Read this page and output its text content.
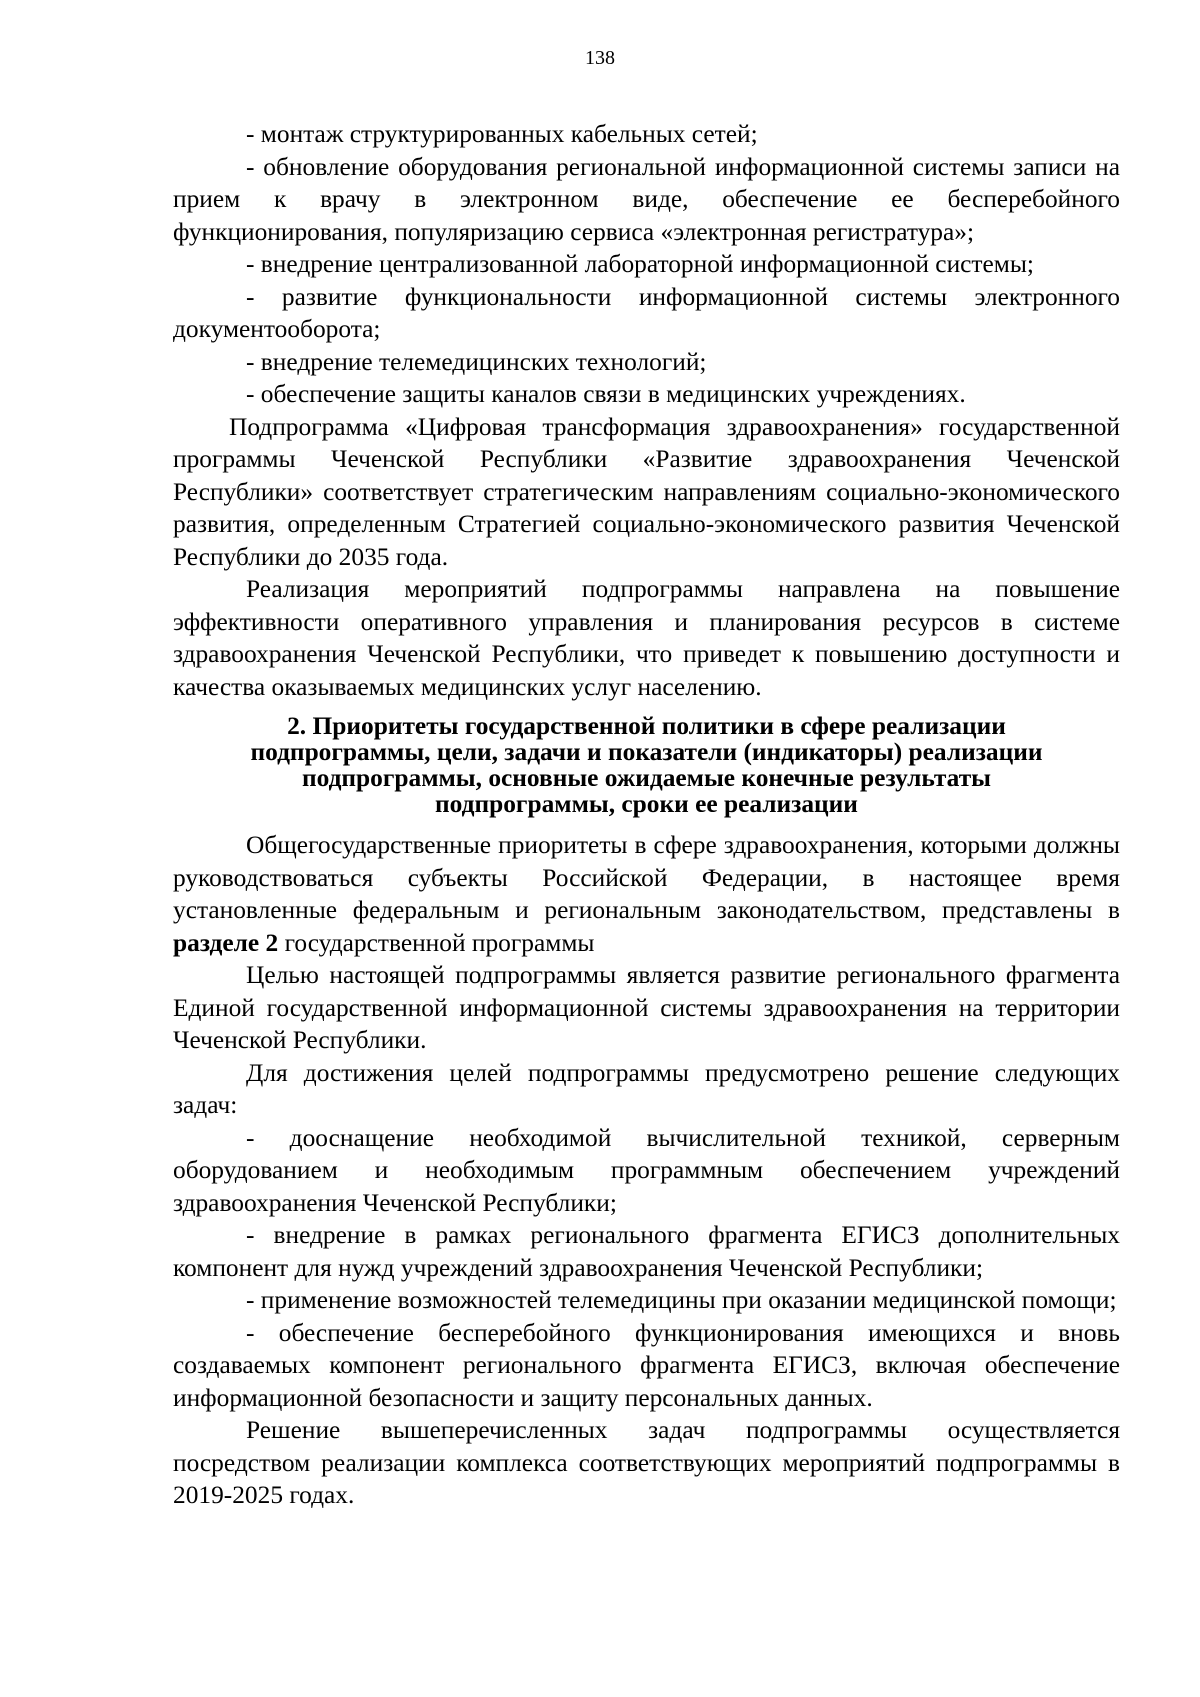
138

- монтаж структурированных кабельных сетей;

- обновление оборудования региональной информационной системы записи на прием к врачу в электронном виде, обеспечение ее бесперебойного функционирования, популяризацию сервиса «электронная регистратура»;

- внедрение централизованной лабораторной информационной системы;

- развитие функциональности информационной системы электронного документооборота;

- внедрение телемедицинских технологий;

- обеспечение защиты каналов связи в медицинских учреждениях.

Подпрограмма «Цифровая трансформация здравоохранения» государственной программы Чеченской Республики «Развитие здравоохранения Чеченской Республики» соответствует стратегическим направлениям социально-экономического развития, определенным Стратегией социально-экономического развития Чеченской Республики до 2035 года.

Реализация мероприятий подпрограммы направлена на повышение эффективности оперативного управления и планирования ресурсов в системе здравоохранения Чеченской Республики, что приведет к повышению доступности и качества оказываемых медицинских услуг населению.

2. Приоритеты государственной политики в сфере реализации
подпрограммы, цели, задачи и показатели (индикаторы) реализации
подпрограммы, основные ожидаемые конечные результаты
подпрограммы, сроки ее реализации

Общегосударственные приоритеты в сфере здравоохранения, которыми должны руководствоваться субъекты Российской Федерации, в настоящее время установленные федеральным и региональным законодательством, представлены в разделе 2 государственной программы

Целью настоящей подпрограммы является развитие регионального фрагмента Единой государственной информационной системы здравоохранения на территории Чеченской Республики.

Для достижения целей подпрограммы предусмотрено решение следующих задач:

- дооснащение необходимой вычислительной техникой, серверным оборудованием и необходимым программным обеспечением учреждений здравоохранения Чеченской Республики;

- внедрение в рамках регионального фрагмента ЕГИСЗ дополнительных компонент для нужд учреждений здравоохранения Чеченской Республики;

- применение возможностей телемедицины при оказании медицинской помощи;

- обеспечение бесперебойного функционирования имеющихся и вновь создаваемых компонент регионального фрагмента ЕГИСЗ, включая обеспечение информационной безопасности и защиту персональных данных.

Решение вышеперечисленных задач подпрограммы осуществляется посредством реализации комплекса соответствующих мероприятий подпрограммы в 2019-2025 годах.
